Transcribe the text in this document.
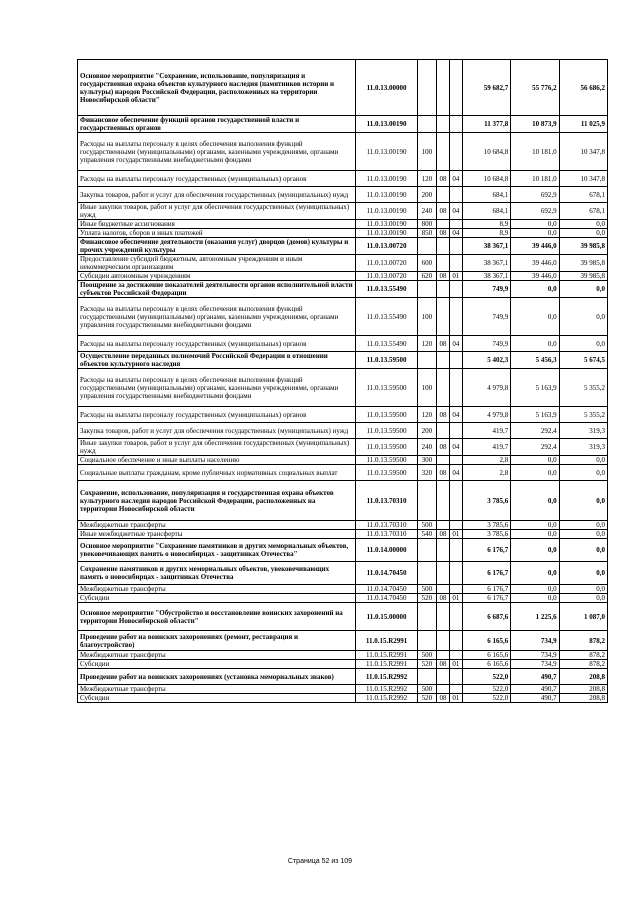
Основное мероприятие "Сохранение, использование, популяризация и государственная охрана объектов культурного наследия (памятников истории и культуры) народов Российской Федерации, расположенных на территории Новосибирской области"	11.0.13.00000				59 682,7	55 776,2	56 686,2
Финансовое обеспечение функций органов государственной власти и государственных органов	11.0.13.00190				11 377,8	10 873,9	11 025,9
Расходы на выплаты персоналу в целях обеспечения выполнения функций государственными (муниципальными) органами, казенными учреждениями, органами управления государственными внебюджетными фондами	11.0.13.00190	100			10 684,8	10 181,0	10 347,8
Расходы на выплаты персоналу государственных (муниципальных) органов	11.0.13.00190	120	08	04	10 684,8	10 181,0	10 347,8
Закупка товаров, работ и услуг для обеспечения государственных (муниципальных) нужд	11.0.13.00190	200			684,1	692,9	678,1
Иные закупки товаров, работ и услуг для обеспечения государственных (муниципальных) нужд	11.0.13.00190	240	08	04	684,1	692,9	678,1
Иные бюджетные ассигнования	11.0.13.00190	800			8,9	0,0	0,0
Уплата налогов, сборов и иных платежей	11.0.13.00190	850	08	04	8,9	0,0	0,0
Финансовое обеспечение деятельности (оказания услуг) дворцов (домов) культуры и прочих учреждений культуры	11.0.13.00720				38 367,1	39 446,0	39 985,8
Предоставление субсидий бюджетным, автономным учреждениям и иным некоммерческим организациям	11.0.13.00720	600			38 367,1	39 446,0	39 985,8
Субсидии автономным учреждениям	11.0.13.00720	620	08	01	38 367,1	39 446,0	39 985,8
Поощрение за достижение показателей деятельности органов исполнительной власти субъектов Российской Федерации	11.0.13.55490				749,9	0,0	0,0
Расходы на выплаты персоналу в целях обеспечения выполнения функций государственными (муниципальными) органами, казенными учреждениями, органами управления государственными внебюджетными фондами	11.0.13.55490	100			749,9	0,0	0,0
Расходы на выплаты персоналу государственных (муниципальных) органов	11.0.13.55490	120	08	04	749,9	0,0	0,0
Осуществление переданных полномочий Российской Федерации в отношении объектов культурного наследия	11.0.13.59500				5 402,3	5 456,3	5 674,5
Расходы на выплаты персоналу в целях обеспечения выполнения функций государственными (муниципальными) органами, казенными учреждениями, органами управления государственными внебюджетными фондами	11.0.13.59500	100			4 979,8	5 163,9	5 355,2
Расходы на выплаты персоналу государственных (муниципальных) органов	11.0.13.59500	120	08	04	4 979,8	5 163,9	5 355,2
Закупка товаров, работ и услуг для обеспечения государственных (муниципальных) нужд	11.0.13.59500	200			419,7	292,4	319,3
Иные закупки товаров, работ и услуг для обеспечения государственных (муниципальных) нужд	11.0.13.59500	240	08	04	419,7	292,4	319,3
Социальное обеспечение и иные выплаты населению	11.0.13.59500	300			2,8	0,0	0,0
Социальные выплаты гражданам, кроме публичных нормативных социальных выплат	11.0.13.59500	320	08	04	2,8	0,0	0,0
Сохранение, использование, популяризация и государственная охрана объектов культурного наследия народов Российской Федерации, расположенных на территории Новосибирской области	11.0.13.70310				3 785,6	0,0	0,0
Межбюджетные трансферты	11.0.13.70310	500			3 785,6	0,0	0,0
Иные межбюджетные трансферты	11.0.13.70310	540	08	01	3 785,6	0,0	0,0
Основное мероприятие "Сохранение памятников и других мемориальных объектов, увековечивающих память о новосибирцах - защитниках Отечества"	11.0.14.00000				6 176,7	0,0	0,0
Сохранение памятников и других мемориальных объектов, увековечивающих память о новосибирцах - защитниках Отечества	11.0.14.70450				6 176,7	0,0	0,0
Межбюджетные трансферты	11.0.14.70450	500			6 176,7	0,0	0,0
Субсидии	11.0.14.70450	520	08	01	6 176,7	0,0	0,0
Основное мероприятие "Обустройство и восстановление воинских захоронений на территории Новосибирской области"	11.0.15.00000				6 687,6	1 225,6	1 087,0
Проведение работ на воинских захоронениях (ремонт, реставрация и благоустройство)	11.0.15.R2991				6 165,6	734,9	878,2
Межбюджетные трансферты	11.0.15.R2991	500			6 165,6	734,9	878,2
Субсидии	11.0.15.R2991	520	08	01	6 165,6	734,9	878,2
Проведение работ на воинских захоронениях (установка мемориальных знаков)	11.0.15.R2992				522,0	490,7	208,8
Межбюджетные трансферты	11.0.15.R2992	500			522,0	490,7	208,8
Субсидии	11.0.15.R2992	520	08	01	522,0	490,7	208,8
Страница 52 из 109
